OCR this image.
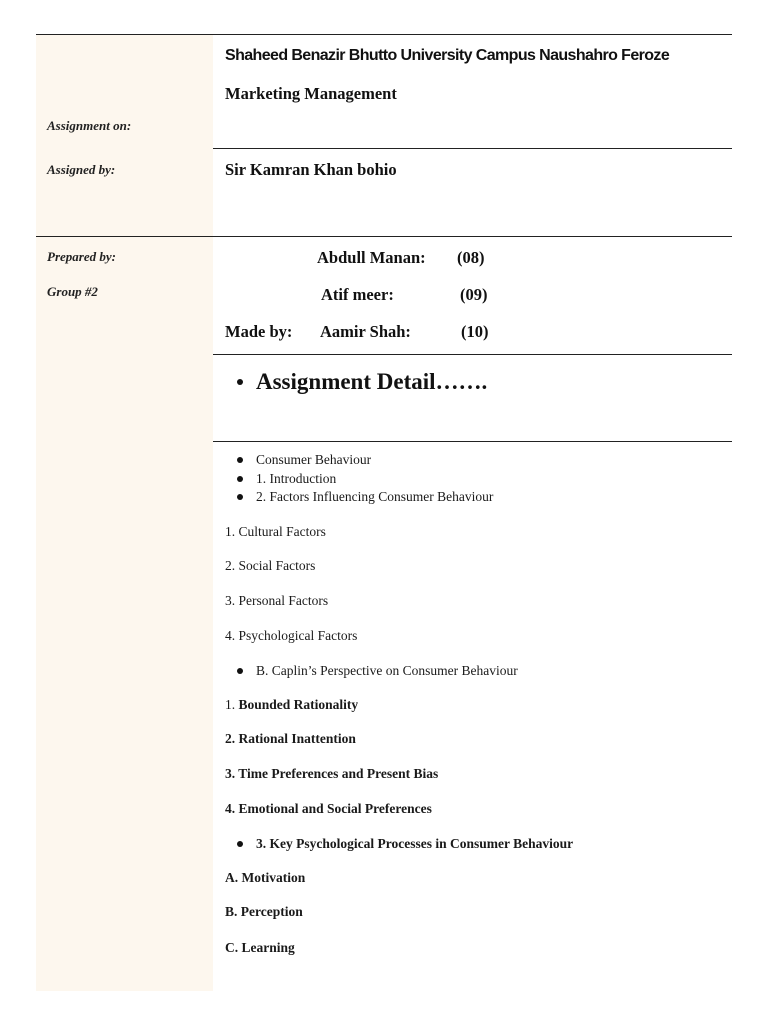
Shaheed Benazir Bhutto University Campus Naushahro Feroze
Marketing Management
Assignment on:
Assigned by:	Sir Kamran Khan bohio
Prepared by:
Group #2
Abdull Manan: (08)
Atif meer:	(09)
Made by: Aamir Shah:	(10)
Assignment Detail…….
Consumer Behaviour
1. Introduction
2. Factors Influencing Consumer Behaviour
1. Cultural Factors
2. Social Factors
3. Personal Factors
4. Psychological Factors
B. Caplin’s Perspective on Consumer Behaviour
1. Bounded Rationality
2. Rational Inattention
3. Time Preferences and Present Bias
4. Emotional and Social Preferences
3. Key Psychological Processes in Consumer Behaviour
A. Motivation
B. Perception
C. Learning
